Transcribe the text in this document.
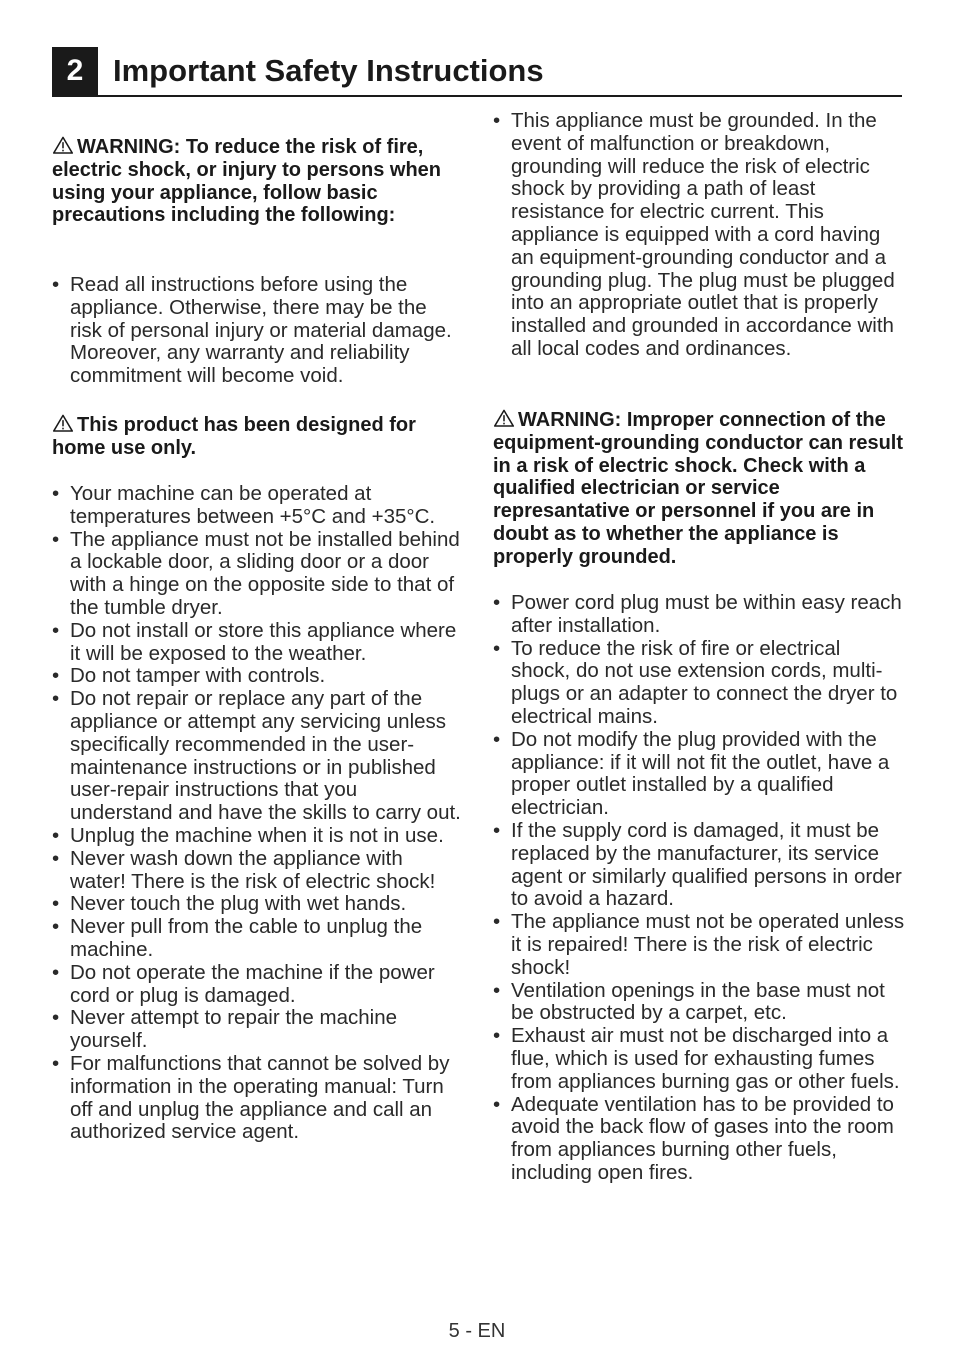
2 Important Safety Instructions
WARNING: To reduce the risk of fire, electric shock, or injury to persons when using your appliance, follow basic precautions including the following:
• Read all instructions before using the appliance. Otherwise, there may be the risk of personal injury or material damage. Moreover, any warranty and reliability commitment will become void.
This product has been designed for home use only.
• Your machine can be operated at temperatures between +5°C and +35°C.
• The appliance must not be installed behind a lockable door, a sliding door or a door with a hinge on the opposite side to that of the tumble dryer.
• Do not install or store this appliance where it will be exposed to the weather.
• Do not tamper with controls.
• Do not repair or replace any part of the appliance or attempt any servicing unless specifically recommended in the user-maintenance instructions or in published user-repair instructions that you understand and have the skills to carry out.
• Unplug the machine when it is not in use.
• Never wash down the appliance with water! There is the risk of electric shock!
• Never touch the plug with wet hands.
• Never pull from the cable to unplug the machine.
• Do not operate the machine if the power cord or plug is damaged.
• Never attempt to repair the machine yourself.
• For malfunctions that cannot be solved by information in the operating manual: Turn off and unplug the appliance and call an authorized service agent.
• This appliance must be grounded. In the event of malfunction or breakdown, grounding will reduce the risk of electric shock by providing a path of least resistance for electric current. This appliance is equipped with a cord having an equipment-grounding conductor and a grounding plug. The plug must be plugged into an appropriate outlet that is properly installed and grounded in accordance with all local codes and ordinances.
WARNING: Improper connection of the equipment-grounding conductor can result in a risk of electric shock. Check with a qualified electrician or service represantative or personnel if you are in doubt as to whether the appliance is properly grounded.
• Power cord plug must be within easy reach after installation.
• To reduce the risk of fire or electrical shock, do not use extension cords, multi-plugs or an adapter to connect the dryer to electrical mains.
• Do not modify the plug provided with the appliance: if it will not fit the outlet, have a proper outlet installed by a qualified electrician.
• If the supply cord is damaged, it must be replaced by the manufacturer, its service agent or similarly qualified persons in order to avoid a hazard.
• The appliance must not be operated unless it is repaired! There is the risk of electric shock!
• Ventilation openings in the base must not be obstructed by a carpet, etc.
• Exhaust air must not be discharged into a flue, which is used for exhausting fumes from appliances burning gas or other fuels.
• Adequate ventilation has to be provided to avoid the back flow of gases into the room from appliances burning other fuels, including open fires.
5 - EN
